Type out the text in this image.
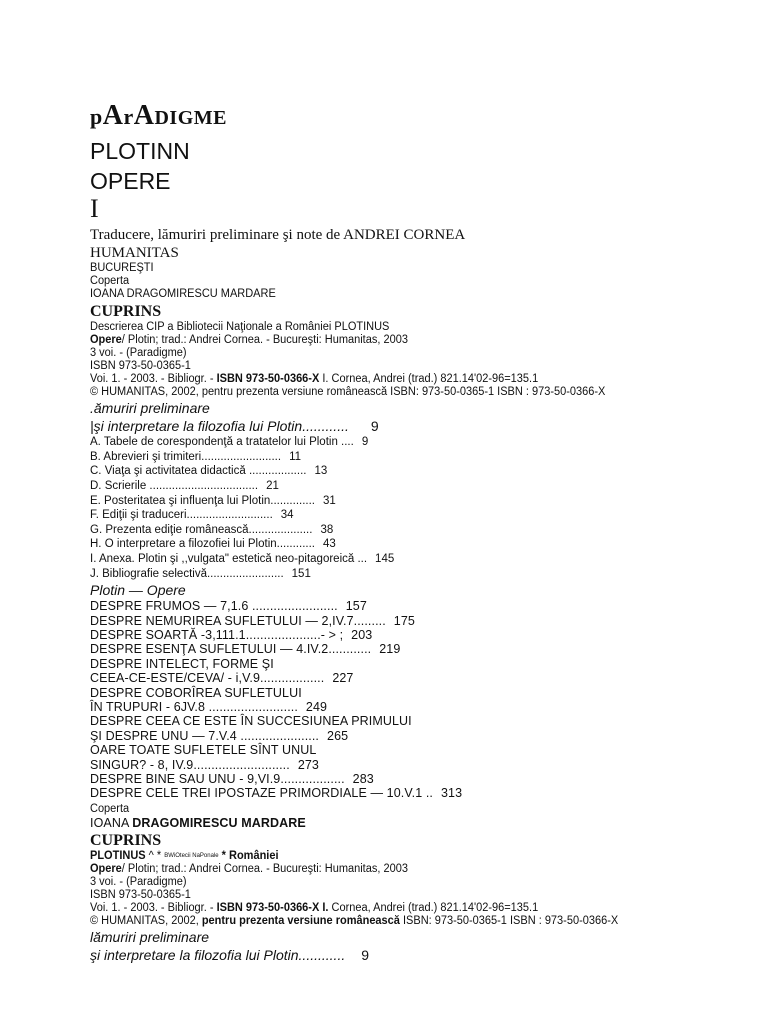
pArADIGME
PLOTINN
OPERE
I
Traducere, lămuriri preliminare şi note de ANDREI CORNEA
HUMANITAS
BUCUREŞTI
Coperta
IOANA DRAGOMIRESCU MARDARE
CUPRINS
Descrierea CIP a Bibliotecii Naţionale a României PLOTINUS
Opere/ Plotin; trad.: Andrei Cornea. - Bucureşti: Humanitas, 2003
3 voi. - (Paradigme)
ISBN 973-50-0365-1
Voi. 1. - 2003. - Bibliogr. - ISBN 973-50-0366-X I. Cornea, Andrei (trad.) 821.14'02-96=135.1
© HUMANITAS, 2002, pentru prezenta versiune românească ISBN: 973-50-0365-1 ISBN : 973-50-0366-X
.ămuriri preliminare
|şi interpretare la filozofia lui Plotin............ 9
A. Tabele de corespondenţă a tratatelor lui Plotin .... 9
B. Abrevieri şi trimiteri......................... 11
C. Viaţa şi activitatea didactică .................. 13
D. Scrierile .................................. 21
E. Posteritatea şi influenţa lui Plotin.............. 31
F. Ediţii şi traduceri........................... 34
G. Prezenta ediţie românească.................... 38
H. O interpretare a filozofiei lui Plotin............ 43
I. Anexa. Plotin şi ,,vulgata" estetică neo-pitagoreică ... 145
J. Bibliografie selectivă........................ 151
Plotin — Opere
DESPRE FRUMOS — 7,1.6 ........................ 157
DESPRE NEMURIREA SUFLETULUI — 2,IV.7......... 175
DESPRE SOARTĂ -3,111.1.....................- > ; 203
DESPRE ESENŢA SUFLETULUI — 4.IV.2............ 219
DESPRE INTELECT, FORME ŞI
CEEA-CE-ESTE/CEVA/ - i,V.9.................. 227
DESPRE COBORÎREA SUFLETULUI
ÎN TRUPURI - 6JV.8 ......................... 249
DESPRE CEEA CE ESTE ÎN SUCCESIUNEA PRIMULUI
ŞI DESPRE UNU — 7.V.4 ...................... 265
OARE TOATE SUFLETELE SÎNT UNUL
SINGUR? - 8, IV.9........................... 273
DESPRE BINE SAU UNU - 9,VI.9.................. 283
DESPRE CELE TREI IPOSTAZE PRIMORDIALE — 10.V.1 .. 313
Coperta
IOANA DRAGOMIRESCU MARDARE
CUPRINS
PLOTINUS ^ * BWiOtecii NaPonale * României
Opere/ Plotin; trad.: Andrei Cornea. - Bucureşti: Humanitas, 2003
3 voi. - (Paradigme)
ISBN 973-50-0365-1
Voi. 1. - 2003. - Bibliogr. - ISBN 973-50-0366-X I. Cornea, Andrei (trad.) 821.14'02-96=135.1
© HUMANITAS, 2002, pentru prezenta versiune românească ISBN: 973-50-0365-1 ISBN : 973-50-0366-X
lămuriri preliminare
şi interpretare la filozofia lui Plotin............ 9
